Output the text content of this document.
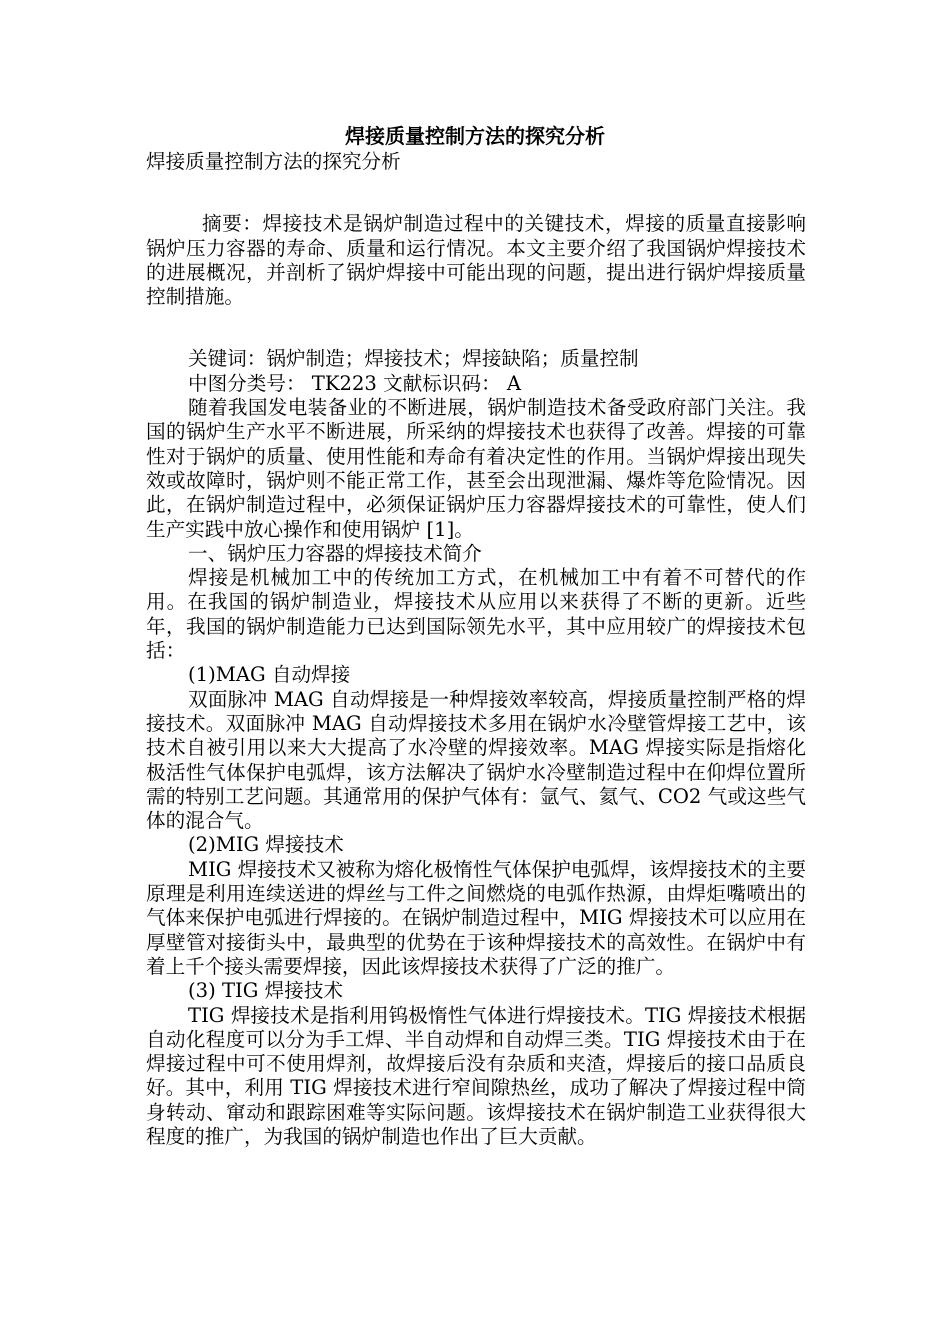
焊接质量控制方法的探究分析

焊接质量控制方法的探究分析

摘要：焊接技术是锅炉制造过程中的关键技术，焊接的质量直接影响锅炉压力容器的寿命、质量和运行情况。本文主要介绍了我国锅炉焊接技术的进展概况，并剖析了锅炉焊接中可能出现的问题，提出进行锅炉焊接质量控制措施。

关键词：锅炉制造；焊接技术；焊接缺陷；质量控制

中图分类号： TK223 文献标识码： A

随着我国发电装备业的不断进展，锅炉制造技术备受政府部门关注。我国的锅炉生产水平不断进展，所采纳的焊接技术也获得了改善。焊接的可靠性对于锅炉的质量、使用性能和寿命有着决定性的作用。当锅炉焊接出现失效或故障时，锅炉则不能正常工作，甚至会出现泄漏、爆炸等危险情况。因此，在锅炉制造过程中，必须保证锅炉压力容器焊接技术的可靠性，使人们生产实践中放心操作和使用锅炉 [1]。

一、锅炉压力容器的焊接技术简介

焊接是机械加工中的传统加工方式，在机械加工中有着不可替代的作用。在我国的锅炉制造业，焊接技术从应用以来获得了不断的更新。近些年，我国的锅炉制造能力已达到国际领先水平，其中应用较广的焊接技术包括：

(1)MAG 自动焊接

双面脉冲 MAG 自动焊接是一种焊接效率较高，焊接质量控制严格的焊接技术。双面脉冲 MAG 自动焊接技术多用在锅炉水冷壁管焊接工艺中，该技术自被引用以来大大提高了水冷壁的焊接效率。MAG 焊接实际是指熔化极活性气体保护电弧焊，该方法解决了锅炉水冷壁制造过程中在仰焊位置所需的特别工艺问题。其通常用的保护气体有：氩气、氦气、CO2 气或这些气体的混合气。

(2)MIG 焊接技术

MIG 焊接技术又被称为熔化极惰性气体保护电弧焊，该焊接技术的主要原理是利用连续送进的焊丝与工件之间燃烧的电弧作热源，由焊炬嘴喷出的气体来保护电弧进行焊接的。在锅炉制造过程中，MIG 焊接技术可以应用在厚壁管对接街头中，最典型的优势在于该种焊接技术的高效性。在锅炉中有着上千个接头需要焊接，因此该焊接技术获得了广泛的推广。

(3) TIG 焊接技术

TIG 焊接技术是指利用钨极惰性气体进行焊接技术。TIG 焊接技术根据自动化程度可以分为手工焊、半自动焊和自动焊三类。TIG 焊接技术由于在焊接过程中可不使用焊剂，故焊接后没有杂质和夹渣，焊接后的接口品质良好。其中，利用 TIG 焊接技术进行窄间隙热丝，成功了解决了焊接过程中筒身转动、窜动和跟踪困难等实际问题。该焊接技术在锅炉制造工业获得很大程度的推广，为我国的锅炉制造也作出了巨大贡献。
